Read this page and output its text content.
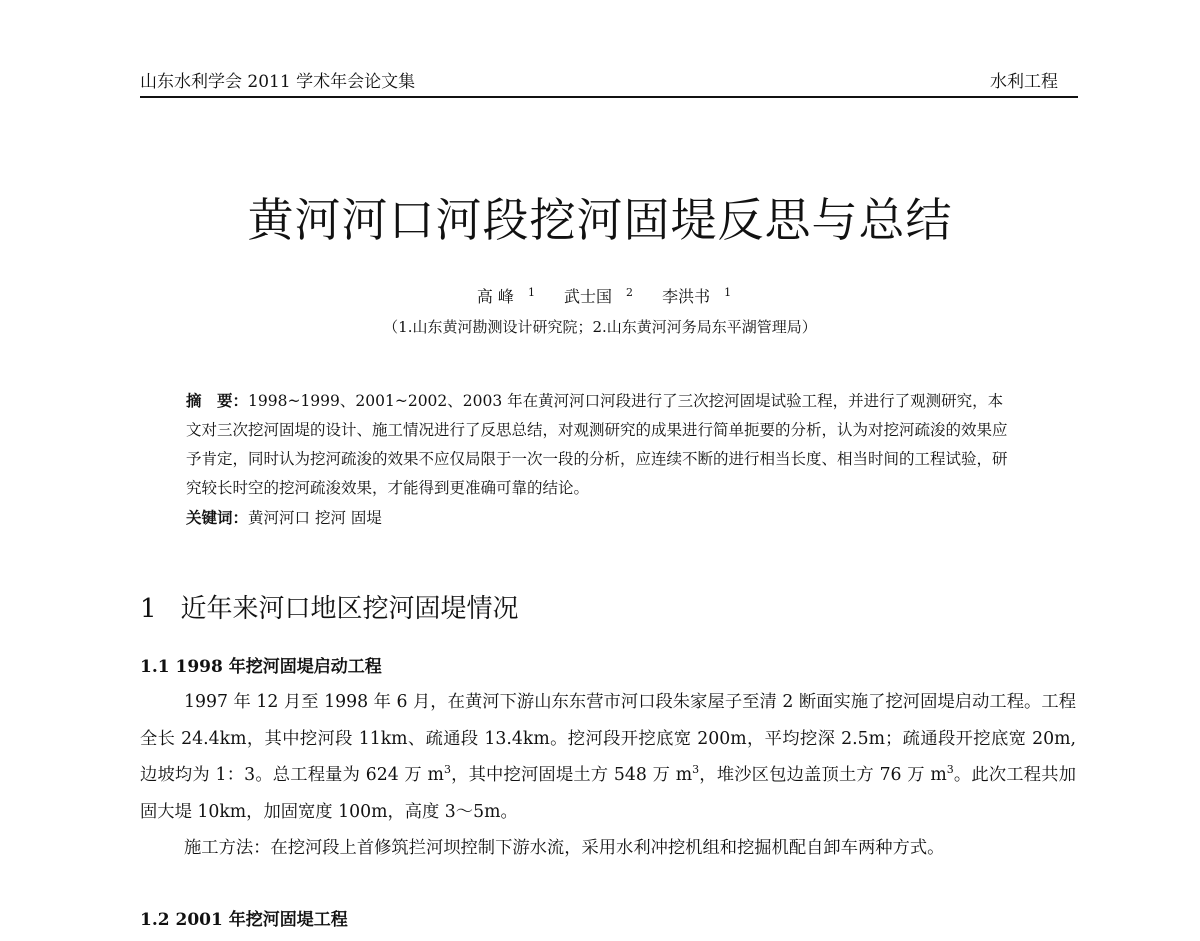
山东水利学会 2011 学术年会论文集	水利工程
黄河河口河段挖河固堤反思与总结
高 峰 $^1$ 武士国 $^2$ 李洪书 $^1$
（1.山东黄河勘测设计研究院；2.山东黄河河务局东平湖管理局）
摘　要：1998~1999、2001~2002、2003 年在黄河河口河段进行了三次挖河固堤试验工程，并进行了观测研究，本文对三次挖河固堤的设计、施工情况进行了反思总结，对观测研究的成果进行简单扼要的分析，认为对挖河疏浚的效果应予肯定，同时认为挖河疏浚的效果不应仅局限于一次一段的分析，应连续不断的进行相当长度、相当时间的工程试验，研究较长时空的挖河疏浚效果，才能得到更准确可靠的结论。
关键词：黄河河口 挖河 固堤
1 近年来河口地区挖河固堤情况
1.1 1998 年挖河固堤启动工程
1997 年 12 月至 1998 年 6 月，在黄河下游山东东营市河口段朱家屋子至清 2 断面实施了挖河固堤启动工程。工程全长 24.4km，其中挖河段 11km、疏通段 13.4km。挖河段开挖底宽 200m，平均挖深 2.5m；疏通段开挖底宽 20m,边坡均为 1：3。总工程量为 624 万 $m^3$，其中挖河固堤土方 548 万 $m^3$，堆沙区包边盖顶土方 76 万 $m^3$。此次工程共加固大堤 10km，加固宽度 100m，高度 3～5m。
施工方法：在挖河段上首修筑拦河坝控制下游水流，采用水利冲挖机组和挖掘机配自卸车两种方式。
1.2 2001 年挖河固堤工程
